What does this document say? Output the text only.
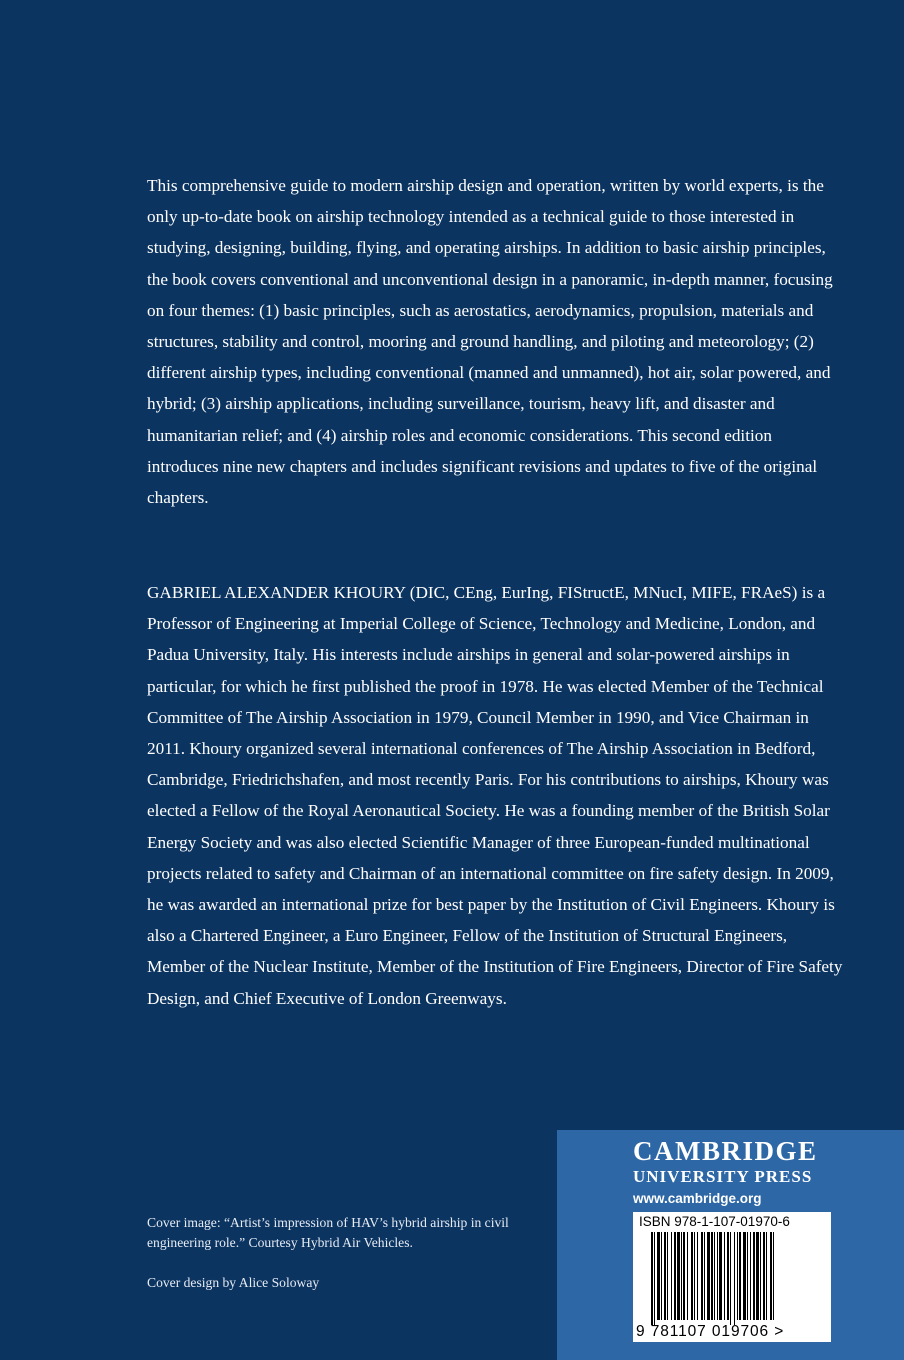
This comprehensive guide to modern airship design and operation, written by world experts, is the only up-to-date book on airship technology intended as a technical guide to those interested in studying, designing, building, flying, and operating airships. In addition to basic airship principles, the book covers conventional and unconventional design in a panoramic, in-depth manner, focusing on four themes: (1) basic principles, such as aerostatics, aerodynamics, propulsion, materials and structures, stability and control, mooring and ground handling, and piloting and meteorology; (2) different airship types, including conventional (manned and unmanned), hot air, solar powered, and hybrid; (3) airship applications, including surveillance, tourism, heavy lift, and disaster and humanitarian relief; and (4) airship roles and economic considerations. This second edition introduces nine new chapters and includes significant revisions and updates to five of the original chapters.

GABRIEL ALEXANDER KHOURY (DIC, CEng, EurIng, FIStructE, MNucI, MIFE, FRAeS) is a Professor of Engineering at Imperial College of Science, Technology and Medicine, London, and Padua University, Italy. His interests include airships in general and solar-powered airships in particular, for which he first published the proof in 1978. He was elected Member of the Technical Committee of The Airship Association in 1979, Council Member in 1990, and Vice Chairman in 2011. Khoury organized several international conferences of The Airship Association in Bedford, Cambridge, Friedrichshafen, and most recently Paris. For his contributions to airships, Khoury was elected a Fellow of the Royal Aeronautical Society. He was a founding member of the British Solar Energy Society and was also elected Scientific Manager of three European-funded multinational projects related to safety and Chairman of an international committee on fire safety design. In 2009, he was awarded an international prize for best paper by the Institution of Civil Engineers. Khoury is also a Chartered Engineer, a Euro Engineer, Fellow of the Institution of Structural Engineers, Member of the Nuclear Institute, Member of the Institution of Fire Engineers, Director of Fire Safety Design, and Chief Executive of London Greenways.

Cover image: “Artist’s impression of HAV’s hybrid airship in civil engineering role.” Courtesy Hybrid Air Vehicles.

Cover design by Alice Soloway

CAMBRIDGE
UNIVERSITY PRESS
www.cambridge.org
ISBN 978-1-107-01970-6
9 781107 019706 >
